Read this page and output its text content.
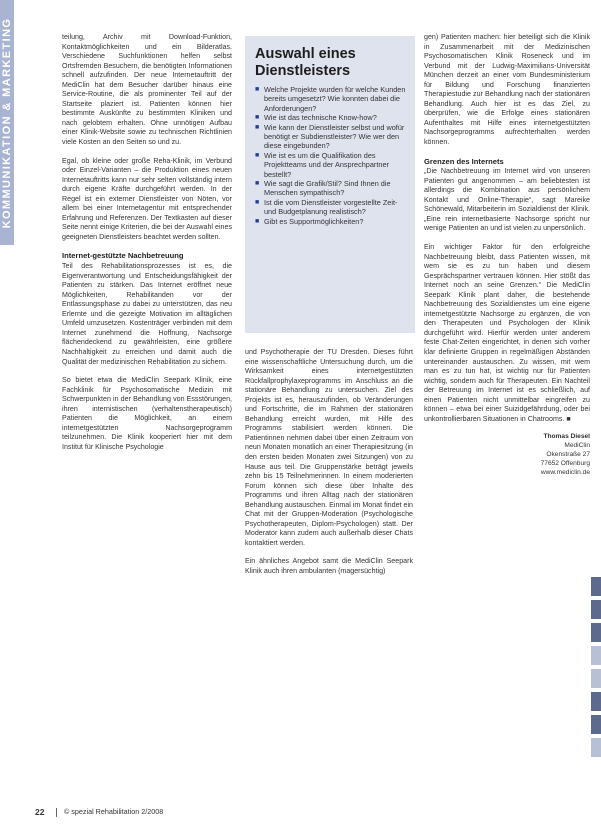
KOMMUNIKATION & MARKETING	teilung, Archiv mit Download-Funktion, Kontaktmöglichkeiten und ein Bilderatlas. Verschiedene Suchfunktionen helfen selbst Ortsfremden Besuchern, die benötigten Informationen schnell aufzufinden. Der neue Internetauftritt der MediClin hat dem Besucher darüber hinaus eine Service-Routine, die als prominenter Teil auf der Startseite plaziert ist. Patienten können hier bestimmte Auskünfte zu bestimmten Kliniken und nach gelobtem erhalten. Ohne unnötigen Aufbau einer Klinik-Website sowie zu technischen Richtlinien viele Kosten an den Seiten so und zu.

Egal, ob kleine oder große Reha-Klinik, im Verbund oder Einzel-Varianten – die Produktion eines neuen Internetauftritts kann nur sehr selten vollständig intern durch eigene Kräfte durchgeführt werden. In der Regel ist ein externer Dienstleister von Nöten, vor allem bei einer Internetagentur mit entsprechender Erfahrung und Referenzen. Der Textkasten auf dieser Seite nennt einige Kriterien, die bei der Auswahl eines geeigneten Dienstleisters beachtet werden sollten.

Internet-gestützte Nachbetreuung

Teil des Rehabilitationsprozesses ist es, die Eigenverantwortung und Entscheidungsfähigkeit der Patienten zu stärken. Das Internet eröffnet neue Möglichkeiten, Rehabilitanden vor der Entlassungsphase zu dabei zu unterstützen, das neu Erlernte und die gezeigte Motivation im alltäglichen Umfeld umzusetzen. Kostenträger verbinden mit dem Internet zunehmend die Hoffnung, Nachsorge flächendeckend zu gewährleisten, eine größere Nachhaltigkeit zu erreichen und damit auch die Qualität der medizinischen Rehabilitation zu sichern.

So bietet etwa die MediClin Seepark Klinik, eine Fachklinik für Psychosomatische Medizin mit Schwerpunkten in der Behandlung von Essstörungen, ihren internistischen (verhaltenstherapeutisch) Patienten die Möglichkeit, an einem internetgestützten Nachsorgeprogramm teilzunehmen. Die Klinik kooperiert hier mit dem Institut für Klinische Psychologie

Auswahl eines Dienstleisters
■ Welche Projekte wurden für welche Kunden bereits umgesetzt? Wie konnten dabei die Anforderungen?
■ Wie ist das technische Know-how?
■ Wie kann der Dienstleister selbst und wofür benötigt er Subdienstleister? Wie wer den diese eingebunden?
■ Wie ist es um die Qualifikation des Projektteams und der Ansprechpartner bestellt?
■ Wie sagt die Grafik/Stil? Sind Ihnen die Menschen sympathisch?
■ Ist die vom Dienstleister vorgestellte Zeit- und Budgetplanung realistisch?
■ Gibt es Supportmöglichkeiten?

und Psychotherapie der TU Dresden. Dieses führt eine wissenschaftliche Untersuchung durch, um die Wirksamkeit eines internetgestützten Rückfallprophylaxeprogramms im Anschluss an die stationäre Behandlung zu untersuchen. Ziel des Projekts ist es, herauszufinden, ob Veränderungen und Fortschritte, die im Rahmen der stationären Behandlung erreicht wurden, mit Hilfe des Programms stabilisiert werden können. Die Patientinnen nehmen dabei über einen Zeitraum von neun Monaten monatlich an einer Therapiesitzung (in den ersten beiden Monaten zwei Sitzungen) von zu Hause aus teil. Die Gruppenstärke beträgt jeweils zehn bis 15 Teilnehmerinnen. In einem moderierten Forum können sich diese über Inhalte des Programms und ihren Alltag nach der stationären Behandlung austauschen. Einmal im Monat findet ein Chat mit der Gruppen-Moderation (Psychologische Psychotherapeuten, Diplom-Psychologen) statt. Der Moderator kann zudem auch außerhalb dieser Chats kontaktiert werden.

Ein ähnliches Angebot samt die MediClin Seepark Klinik auch ihren ambulanten (magersüchtig)

gen) Patienten machen: hier beteiligt sich die Klinik in Zusammenarbeit mit der Medizinischen Psychosomatischen Klinik Roseneck und im Verbund mit der Ludwig-Maximilians-Universität München derzeit an einer vom Bundesministerium für Bildung und Forschung finanzierten Therapiestudie zur Behandlung nach der stationären Behandlung. Auch hier ist es das Ziel, zu überprüfen, wie die Erfolge eines stationären Aufenthaltes mit Hilfe eines internetgestützten Nachsorgeprogramms aufrechterhalten werden können.

Grenzen des Internets

„Die Nachbetreuung im Internet wird von unseren Patienten gut angenommen – am beliebtesten ist allerdings die Kombination aus persönlichem Kontakt und Online-Therapie“, sagt Mareike Schönewald, Mitarbeiterin im Sozialdienst der Klinik. „Eine rein internetbasierte Nachsorge spricht nur wenige Patienten an und ist vielen zu unpersönlich.

Ein wichtiger Faktor für den erfolgreiche Nachbetreuung bleibt, dass Patienten wissen, mit wem sie es zu tun haben und diesem Gesprächspartner vertrauen können. Hier stößt das Internet noch an seine Grenzen.“ Die MediClin Seepark Klinik plant daher, die bestehende Nachbetreuung des Sozialdienstes um eine eigene internetgestützte Nachsorge zu ergänzen, die von den Therapeuten und Psychologen der Klinik durchgeführt wird. Hierfür werden unter anderem feste Chat-Zeiten eingerichtet, in denen sich vorher klar definierte Gruppen in regelmäßigen Abständen untereinander austauschen. Zu wissen, mit wem man es zu tun hat, ist wichtig nur für Patienten wichtig, sondern auch für Therapeuten. Ein Nachteil der Betreuung im Internet ist es schließlich, auf einen Patienten nicht unmittelbar eingreifen zu können – etwa bei einer Suizidgefährdung, oder bei unkontrollierbaren Situationen in Chatrooms. ■

Thomas Diesel
MediClin
Okenstraße 27
77652 Offenburg
www.mediclin.de
22	© spezial Rehabilitation 2/2008
